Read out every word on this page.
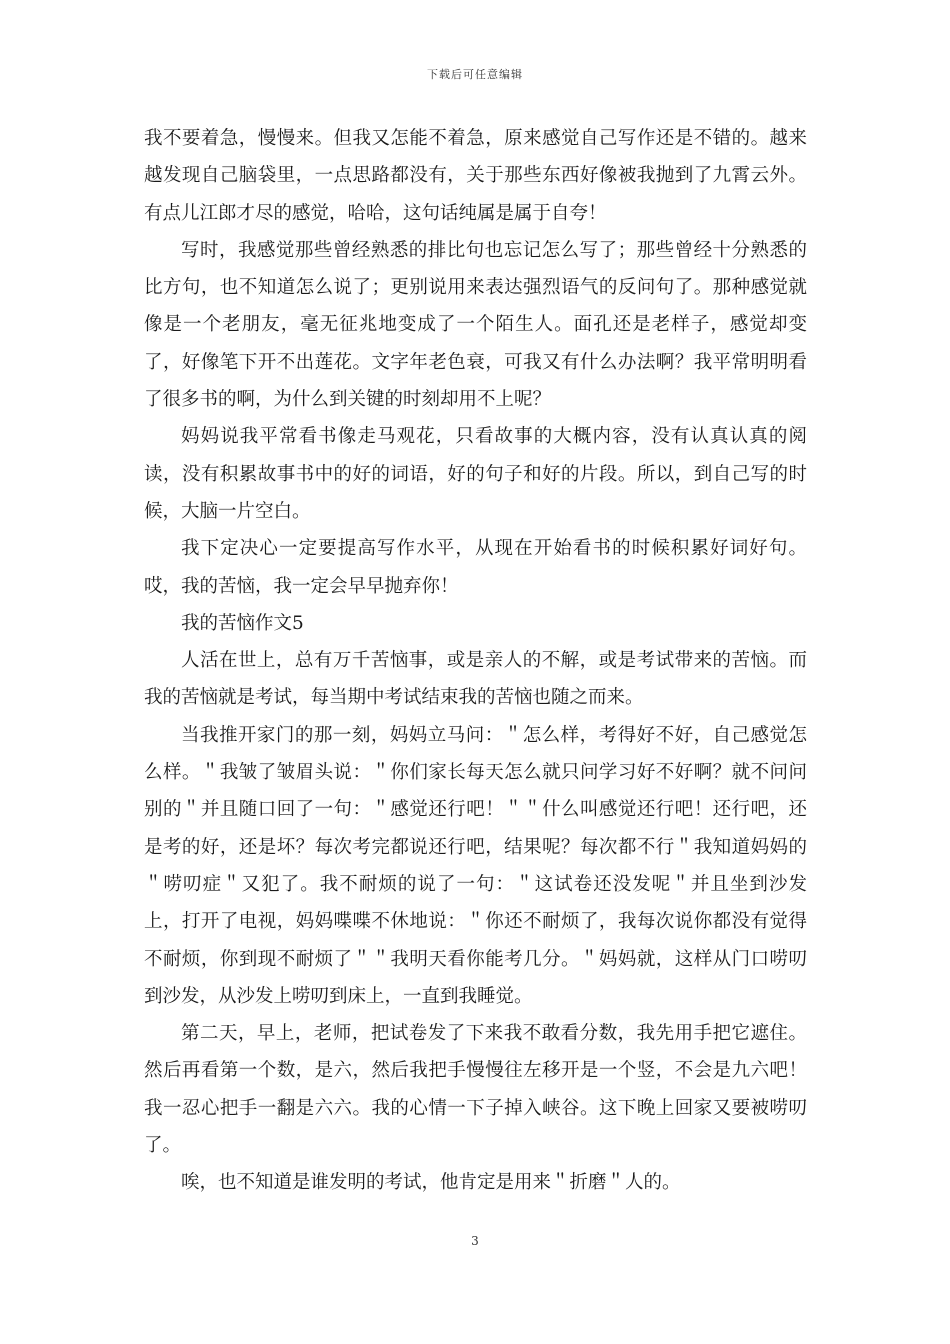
下载后可任意编辑

我不要着急，慢慢来。但我又怎能不着急，原来感觉自己写作还是不错的。越来越发现自己脑袋里，一点思路都没有，关于那些东西好像被我抛到了九霄云外。有点儿江郎才尽的感觉，哈哈，这句话纯属是属于自夸！

写时，我感觉那些曾经熟悉的排比句也忘记怎么写了；那些曾经十分熟悉的比方句，也不知道怎么说了；更别说用来表达强烈语气的反问句了。那种感觉就像是一个老朋友，毫无征兆地变成了一个陌生人。面孔还是老样子，感觉却变了，好像笔下开不出莲花。文字年老色衰，可我又有什么办法啊？我平常明明看了很多书的啊，为什么到关键的时刻却用不上呢？

妈妈说我平常看书像走马观花，只看故事的大概内容，没有认真认真的阅读，没有积累故事书中的好的词语，好的句子和好的片段。所以，到自己写的时候，大脑一片空白。

我下定决心一定要提高写作水平，从现在开始看书的时候积累好词好句。哎，我的苦恼，我一定会早早抛弃你！

我的苦恼作文5

人活在世上，总有万千苦恼事，或是亲人的不解，或是考试带来的苦恼。而我的苦恼就是考试，每当期中考试结束我的苦恼也随之而来。

当我推开家门的那一刻，妈妈立马问：＂怎么样，考得好不好，自己感觉怎么样。＂我皱了皱眉头说：＂你们家长每天怎么就只问学习好不好啊？就不问问别的＂并且随口回了一句：＂感觉还行吧！＂＂什么叫感觉还行吧！还行吧，还是考的好，还是坏？每次考完都说还行吧，结果呢？每次都不行＂我知道妈妈的＂唠叨症＂又犯了。我不耐烦的说了一句：＂这试卷还没发呢＂并且坐到沙发上，打开了电视，妈妈喋喋不休地说：＂你还不耐烦了，我每次说你都没有觉得不耐烦，你到现不耐烦了＂＂我明天看你能考几分。＂妈妈就，这样从门口唠叨到沙发，从沙发上唠叨到床上，一直到我睡觉。

第二天，早上，老师，把试卷发了下来我不敢看分数，我先用手把它遮住。然后再看第一个数，是六，然后我把手慢慢往左移开是一个竖，不会是九六吧！我一忍心把手一翻是六六。我的心情一下子掉入峡谷。这下晚上回家又要被唠叨了。

唉，也不知道是谁发明的考试，他肯定是用来＂折磨＂人的。

3
